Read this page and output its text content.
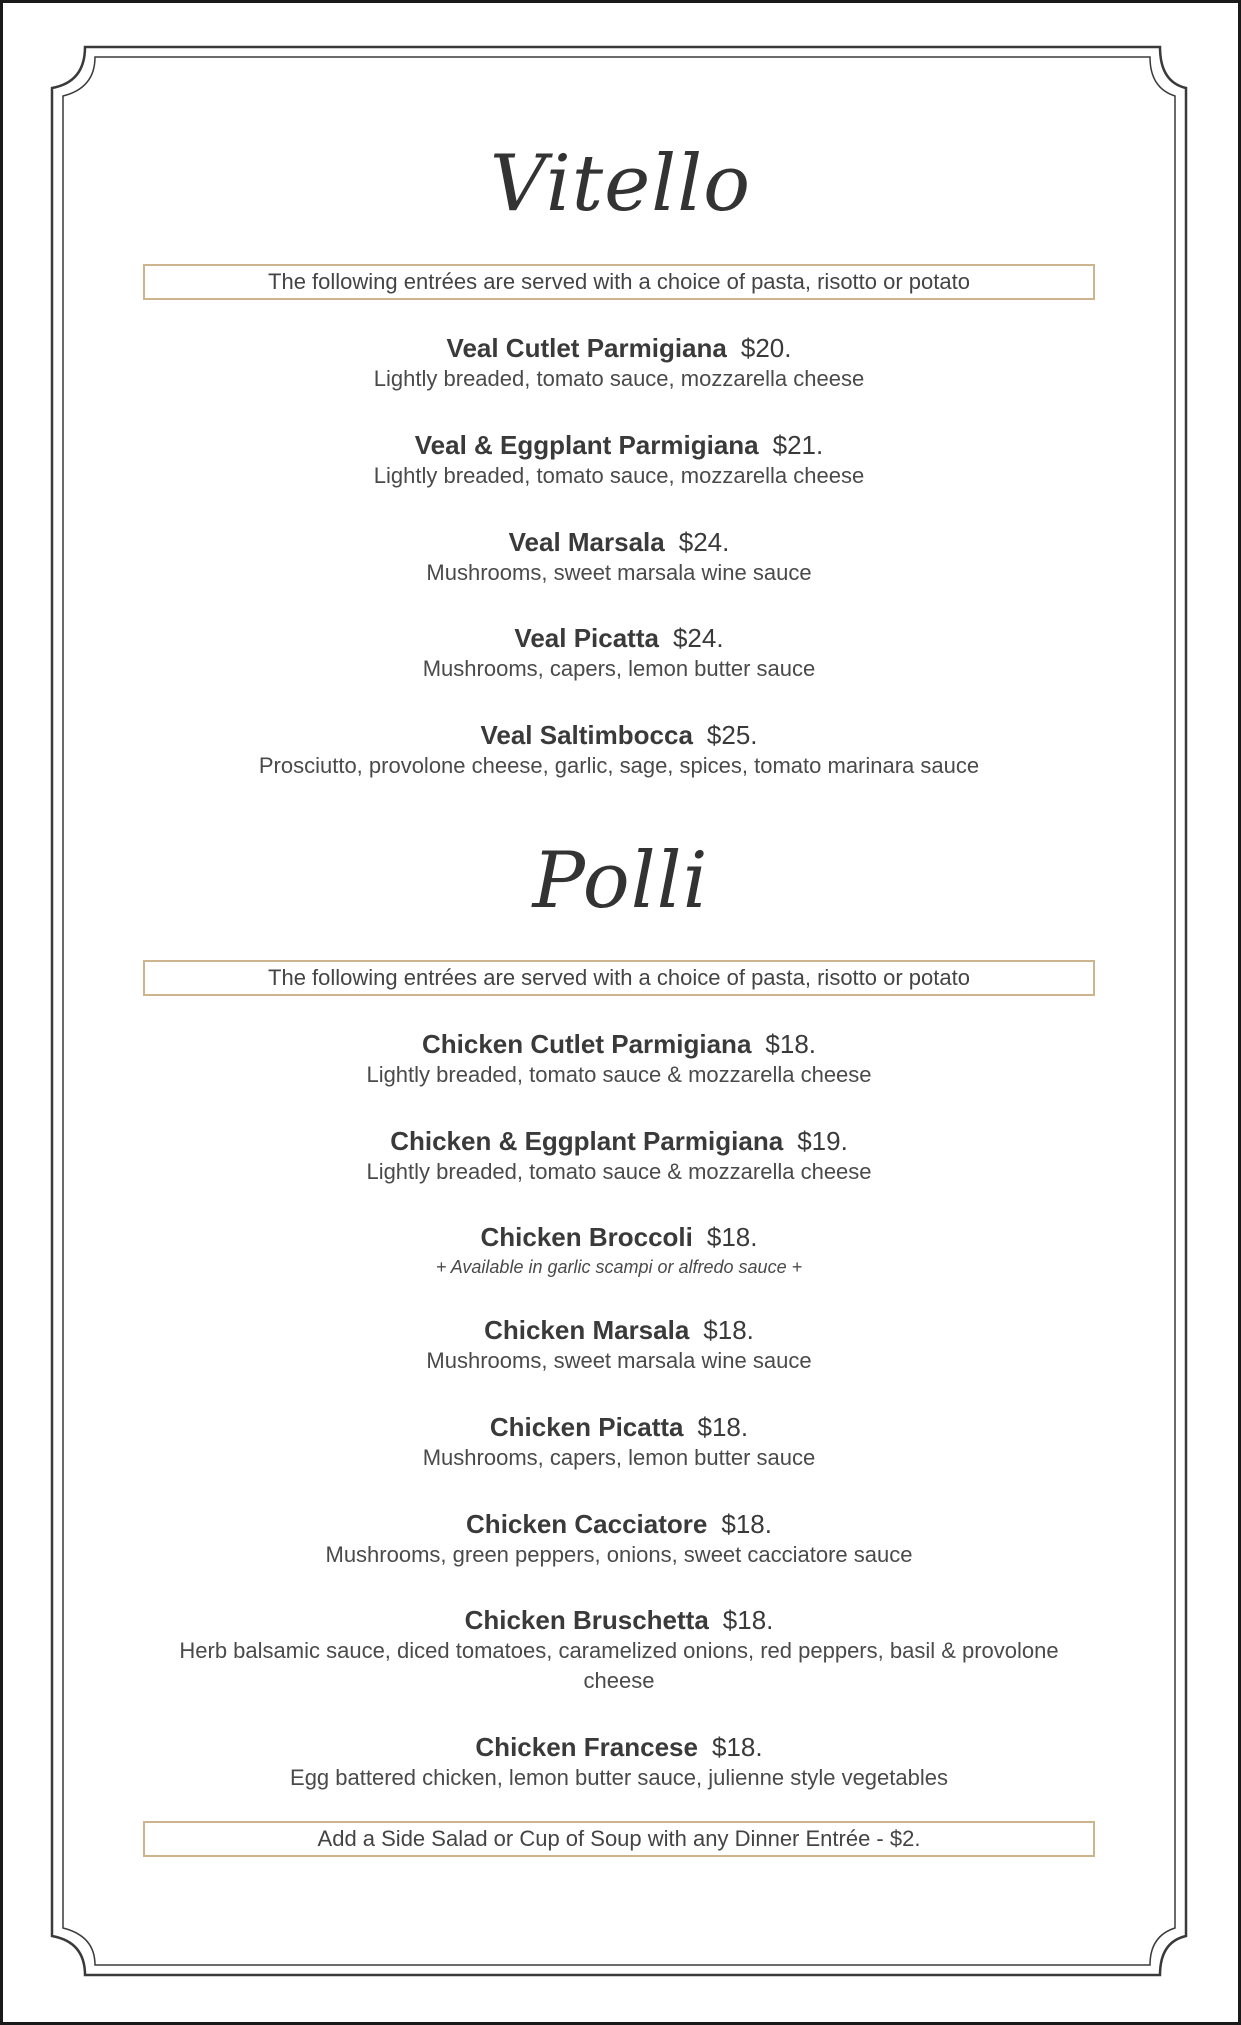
Vitello
The following entrées are served with a choice of pasta, risotto or potato
Veal Cutlet Parmigiana $20.
Lightly breaded, tomato sauce, mozzarella cheese
Veal & Eggplant Parmigiana $21.
Lightly breaded, tomato sauce, mozzarella cheese
Veal Marsala $24.
Mushrooms, sweet marsala wine sauce
Veal Picatta $24.
Mushrooms, capers, lemon butter sauce
Veal Saltimbocca $25.
Prosciutto, provolone cheese, garlic, sage, spices, tomato marinara sauce
Polli
The following entrées are served with a choice of pasta, risotto or potato
Chicken Cutlet Parmigiana $18.
Lightly breaded, tomato sauce & mozzarella cheese
Chicken & Eggplant Parmigiana $19.
Lightly breaded, tomato sauce & mozzarella cheese
Chicken Broccoli $18.
+ Available in garlic scampi or alfredo sauce +
Chicken Marsala $18.
Mushrooms, sweet marsala wine sauce
Chicken Picatta $18.
Mushrooms, capers, lemon butter sauce
Chicken Cacciatore $18.
Mushrooms, green peppers, onions, sweet cacciatore sauce
Chicken Bruschetta $18.
Herb balsamic sauce, diced tomatoes, caramelized onions, red peppers, basil & provolone cheese
Chicken Francese $18.
Egg battered chicken, lemon butter sauce, julienne style vegetables
Add a Side Salad or Cup of Soup with any Dinner Entrée - $2.
